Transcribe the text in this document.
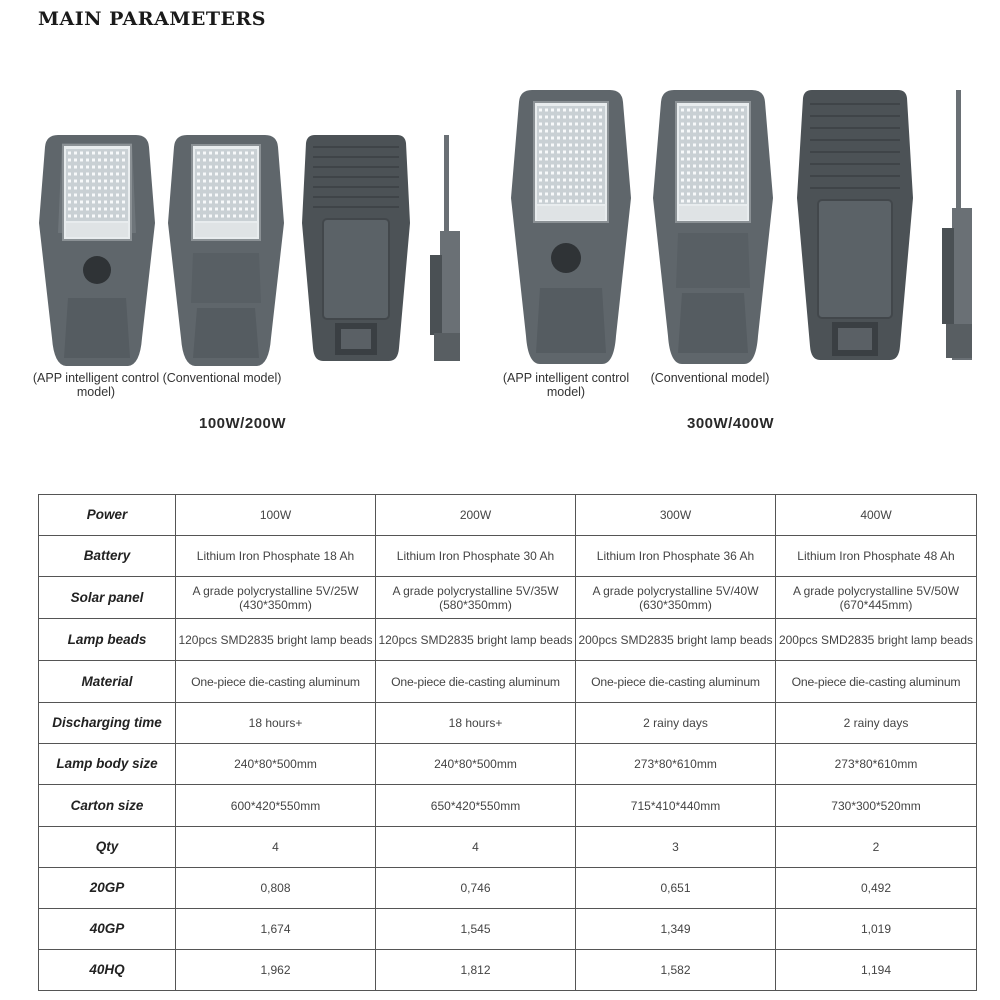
MAIN PARAMETERS
(APP intelligent control model)
(Conventional model)
100W/200W
(APP intelligent control model)
(Conventional model)
300W/400W
Power	100W	200W	300W	400W
Battery	Lithium Iron Phosphate 18 Ah	Lithium Iron Phosphate 30 Ah	Lithium Iron Phosphate 36 Ah	Lithium Iron Phosphate 48 Ah
Solar panel	A grade polycrystalline 5V/25W (430*350mm)	A grade polycrystalline 5V/35W (580*350mm)	A grade polycrystalline 5V/40W (630*350mm)	A grade polycrystalline 5V/50W (670*445mm)
Lamp beads	120pcs SMD2835 bright lamp beads	120pcs SMD2835 bright lamp beads	200pcs SMD2835 bright lamp beads	200pcs SMD2835 bright lamp beads
Material	One-piece die-casting aluminum	One-piece die-casting aluminum	One-piece die-casting aluminum	One-piece die-casting aluminum
Discharging time	18 hours+	18 hours+	2 rainy days	2 rainy days
Lamp body size	240*80*500mm	240*80*500mm	273*80*610mm	273*80*610mm
Carton size	600*420*550mm	650*420*550mm	715*410*440mm	730*300*520mm
Qty	4	4	3	2
20GP	0,808	0,746	0,651	0,492
40GP	1,674	1,545	1,349	1,019
40HQ	1,962	1,812	1,582	1,194
